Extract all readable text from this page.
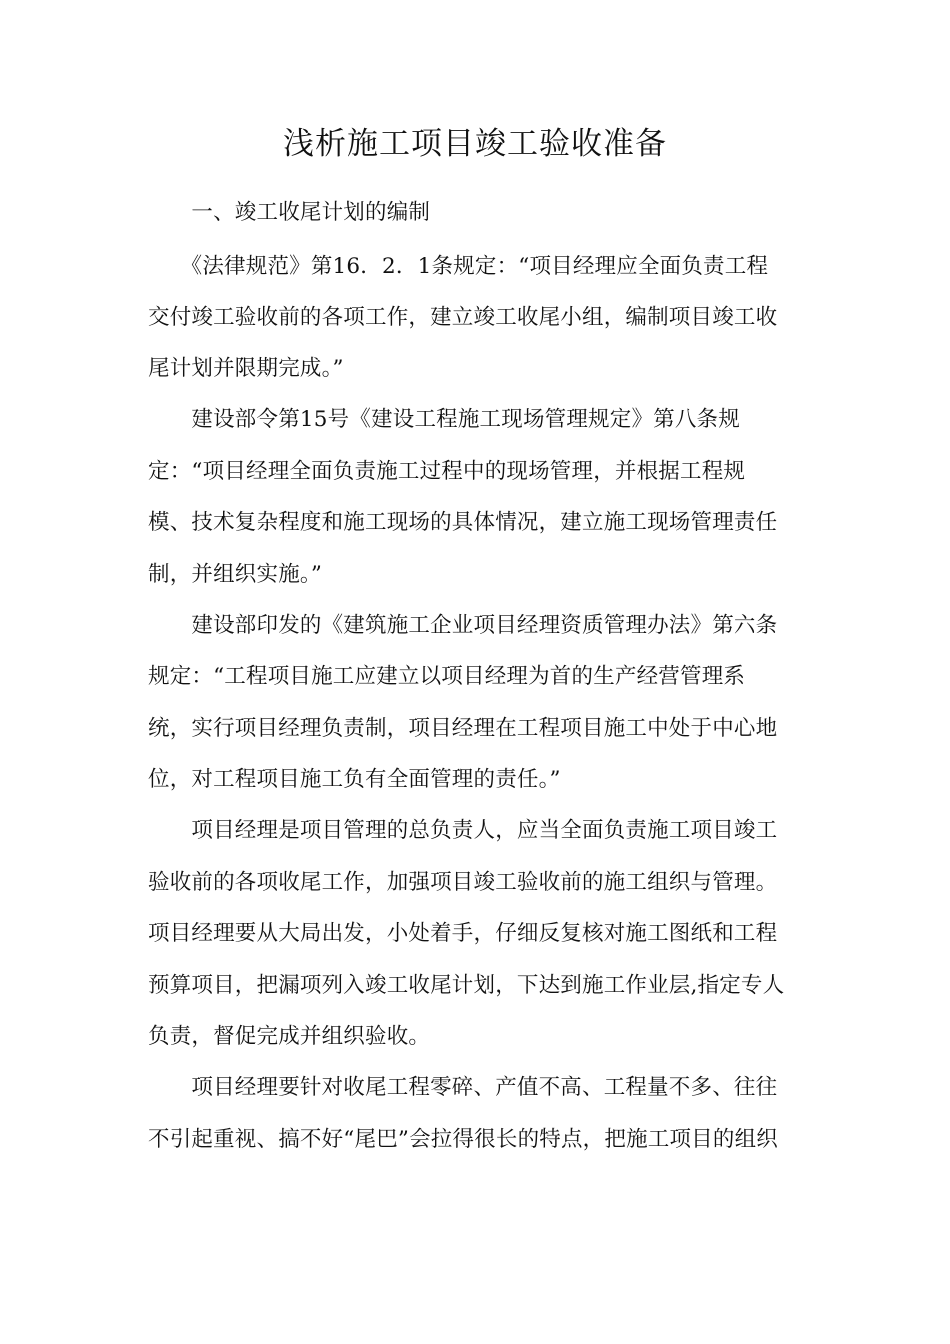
浅析施工项目竣工验收准备

　　一、竣工收尾计划的编制

　　《法律规范》第16．2．1条规定：“项目经理应全面负责工程

交付竣工验收前的各项工作，建立竣工收尾小组，编制项目竣工收

尾计划并限期完成。”

　　建设部令第15号《建设工程施工现场管理规定》第八条规

定：“项目经理全面负责施工过程中的现场管理，并根据工程规

模、技术复杂程度和施工现场的具体情况，建立施工现场管理责任

制，并组织实施。”

　　建设部印发的《建筑施工企业项目经理资质管理办法》第六条

规定：“工程项目施工应建立以项目经理为首的生产经营管理系

统，实行项目经理负责制，项目经理在工程项目施工中处于中心地

位，对工程项目施工负有全面管理的责任。”

　　项目经理是项目管理的总负责人，应当全面负责施工项目竣工

验收前的各项收尾工作，加强项目竣工验收前的施工组织与管理。

项目经理要从大局出发，小处着手，仔细反复核对施工图纸和工程

预算项目，把漏项列入竣工收尾计划，下达到施工作业层,指定专人

负责，督促完成并组织验收。

　　项目经理要针对收尾工程零碎、产值不高、工程量不多、往往

不引起重视、搞不好“尾巴”会拉得很长的特点，把施工项目的组织
